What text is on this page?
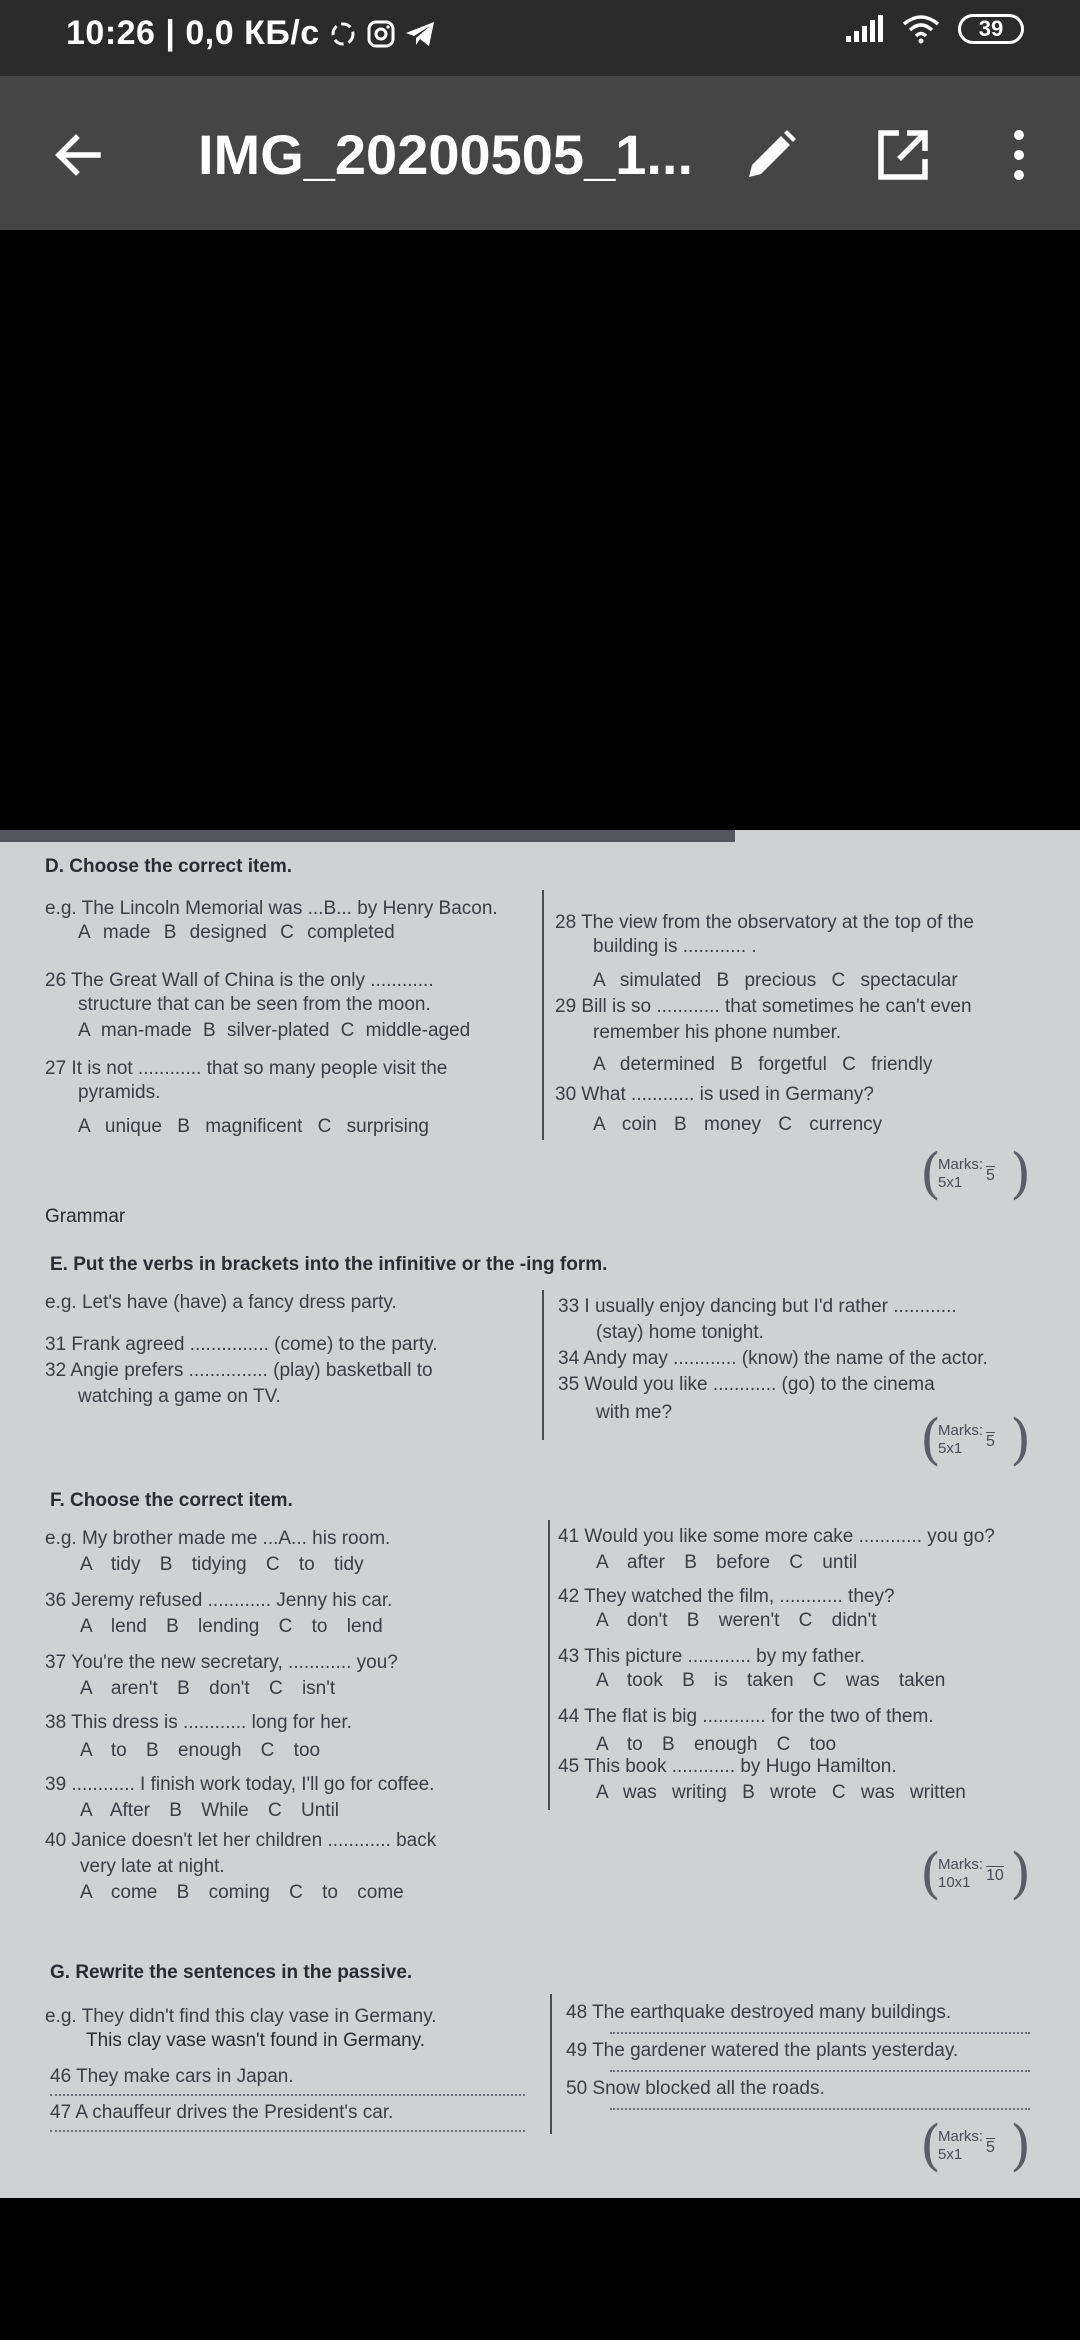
10:26 | 0,0 КБ/с	39
IMG_20200505_1...
D. Choose the correct item.
e.g. The Lincoln Memorial was ...B... by Henry Bacon.
A made B designed C completed
26 The Great Wall of China is the only ............
structure that can be seen from the moon.
A man-made B silver-plated C middle-aged
27 It is not ............ that so many people visit the
pyramids.
A unique B magnificent C surprising
28 The view from the observatory at the top of the
building is ............ .
A simulated B precious C spectacular
29 Bill is so ............ that sometimes he can't even
remember his phone number.
A determined B forgetful C friendly
30 What ............ is used in Germany?
A coin B money C currency
(
Marks: 5x1	5 )
Grammar
E. Put the verbs in brackets into the infinitive or the -ing form.
e.g. Let's have (have) a fancy dress party.
31 Frank agreed ............... (come) to the party.
32 Angie prefers ............... (play) basketball to
watching a game on TV.
33 I usually enjoy dancing but I'd rather ............
(stay) home tonight.
34 Andy may ............ (know) the name of the actor.
35 Would you like ............ (go) to the cinema
with me?	(
Marks: 5x1	5 )
F. Choose the correct item.
e.g. My brother made me ...A... his room.
A tidy B tidying C to tidy
36 Jeremy refused ............ Jenny his car.
A lend B lending C to lend
37 You're the new secretary, ............ you?
A aren't B don't C isn't
38 This dress is ............ long for her.
A to B enough C too
39 ............ I finish work today, I'll go for coffee.
A After B While C Until
40 Janice doesn't let her children ............ back
very late at night.
A come B coming C to come
41 Would you like some more cake ............ you go?
A after B before C until
42 They watched the film, ............ they?
A don't B weren't C didn't
43 This picture ............ by my father.
A took B is taken C was taken
44 The flat is big ............ for the two of them.
A to B enough C too
45 This book ............ by Hugo Hamilton.
A was writing B wrote C was written
(
Marks: 10x1 10 )
G. Rewrite the sentences in the passive.
e.g. They didn't find this clay vase in Germany.
This clay vase wasn't found in Germany.
46 They make cars in Japan.
47 A chauffeur drives the President's car.
48 The earthquake destroyed many buildings.
49 The gardener watered the plants yesterday.
50 Snow blocked all the roads.
(
Marks: 5x1	5 )
